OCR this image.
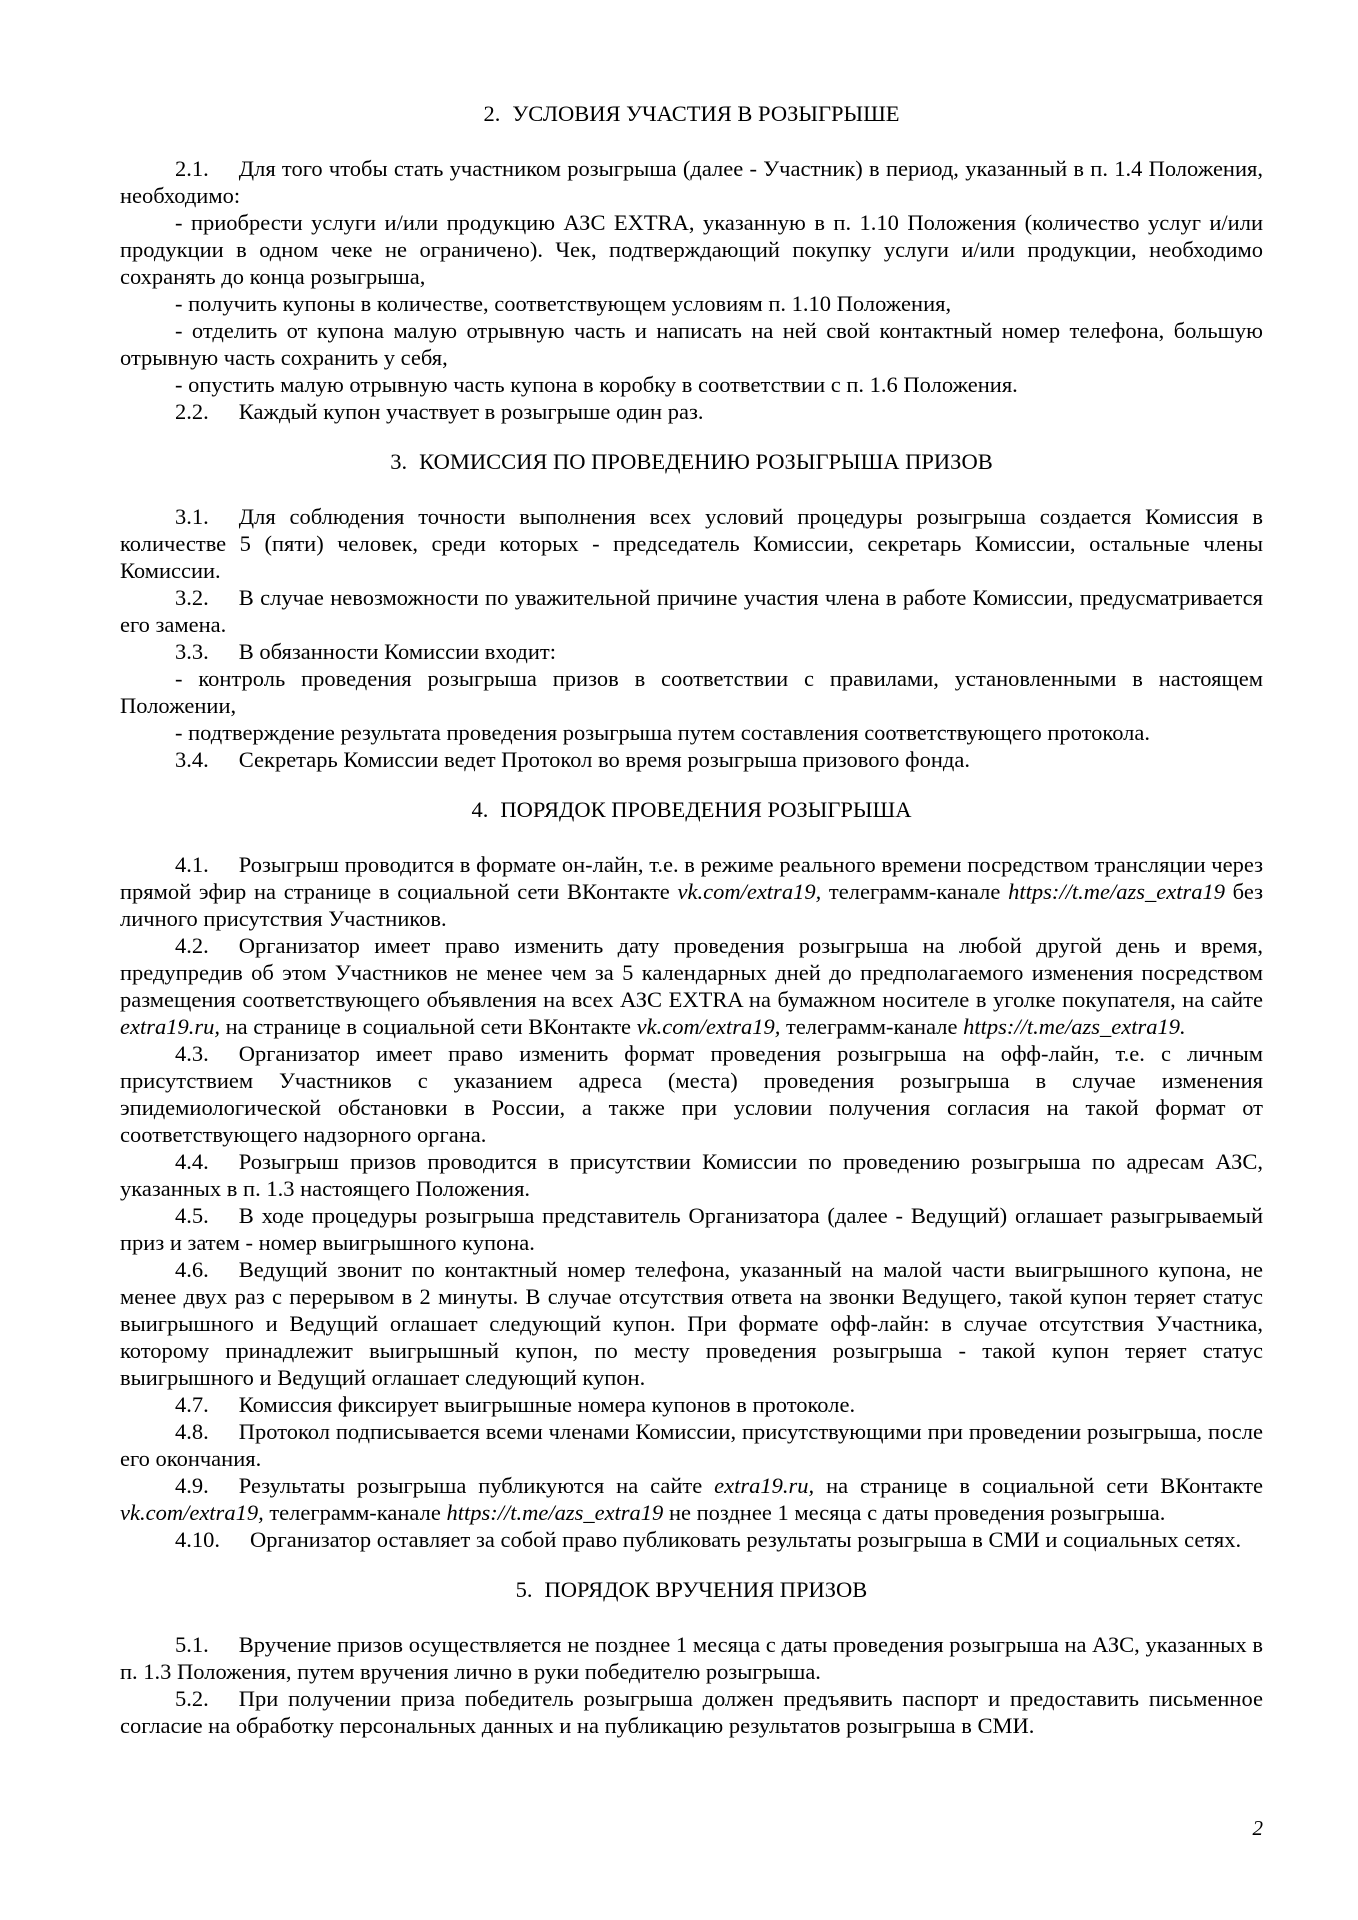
2. УСЛОВИЯ УЧАСТИЯ В РОЗЫГРЫШЕ

2.1. Для того чтобы стать участником розыгрыша (далее - Участник) в период, указанный в п. 1.4 Положения, необходимо:

- приобрести услуги и/или продукцию АЗС EXTRA, указанную в п. 1.10 Положения (количество услуг и/или продукции в одном чеке не ограничено). Чек, подтверждающий покупку услуги и/или продукции, необходимо сохранять до конца розыгрыша,

- получить купоны в количестве, соответствующем условиям п. 1.10 Положения,

- отделить от купона малую отрывную часть и написать на ней свой контактный номер телефона, большую отрывную часть сохранить у себя,

- опустить малую отрывную часть купона в коробку в соответствии с п. 1.6 Положения.

2.2. Каждый купон участвует в розыгрыше один раз.

3. КОМИССИЯ ПО ПРОВЕДЕНИЮ РОЗЫГРЫША ПРИЗОВ

3.1. Для соблюдения точности выполнения всех условий процедуры розыгрыша создается Комиссия в количестве 5 (пяти) человек, среди которых - председатель Комиссии, секретарь Комиссии, остальные члены Комиссии.

3.2. В случае невозможности по уважительной причине участия члена в работе Комиссии, предусматривается его замена.

3.3. В обязанности Комиссии входит:

- контроль проведения розыгрыша призов в соответствии с правилами, установленными в настоящем Положении,

- подтверждение результата проведения розыгрыша путем составления соответствующего протокола.

3.4. Секретарь Комиссии ведет Протокол во время розыгрыша призового фонда.

4. ПОРЯДОК ПРОВЕДЕНИЯ РОЗЫГРЫША

4.1. Розыгрыш проводится в формате он-лайн, т.е. в режиме реального времени посредством трансляции через прямой эфир на странице в социальной сети ВКонтакте vk.com/extra19, телеграмм-канале https://t.me/azs_extra19 без личного присутствия Участников.

4.2. Организатор имеет право изменить дату проведения розыгрыша на любой другой день и время, предупредив об этом Участников не менее чем за 5 календарных дней до предполагаемого изменения посредством размещения соответствующего объявления на всех АЗС EXTRA на бумажном носителе в уголке покупателя, на сайте extra19.ru, на странице в социальной сети ВКонтакте vk.com/extra19, телеграмм-канале https://t.me/azs_extra19.

4.3. Организатор имеет право изменить формат проведения розыгрыша на офф-лайн, т.е. с личным присутствием Участников с указанием адреса (места) проведения розыгрыша в случае изменения эпидемиологической обстановки в России, а также при условии получения согласия на такой формат от соответствующего надзорного органа.

4.4. Розыгрыш призов проводится в присутствии Комиссии по проведению розыгрыша по адресам АЗС, указанных в п. 1.3 настоящего Положения.

4.5. В ходе процедуры розыгрыша представитель Организатора (далее - Ведущий) оглашает разыгрываемый приз и затем - номер выигрышного купона.

4.6. Ведущий звонит по контактный номер телефона, указанный на малой части выигрышного купона, не менее двух раз с перерывом в 2 минуты. В случае отсутствия ответа на звонки Ведущего, такой купон теряет статус выигрышного и Ведущий оглашает следующий купон. При формате офф-лайн: в случае отсутствия Участника, которому принадлежит выигрышный купон, по месту проведения розыгрыша - такой купон теряет статус выигрышного и Ведущий оглашает следующий купон.

4.7. Комиссия фиксирует выигрышные номера купонов в протоколе.

4.8. Протокол подписывается всеми членами Комиссии, присутствующими при проведении розыгрыша, после его окончания.

4.9. Результаты розыгрыша публикуются на сайте extra19.ru, на странице в социальной сети ВКонтакте vk.com/extra19, телеграмм-канале https://t.me/azs_extra19 не позднее 1 месяца с даты проведения розыгрыша.

4.10. Организатор оставляет за собой право публиковать результаты розыгрыша в СМИ и социальных сетях.

5. ПОРЯДОК ВРУЧЕНИЯ ПРИЗОВ

5.1. Вручение призов осуществляется не позднее 1 месяца с даты проведения розыгрыша на АЗС, указанных в п. 1.3 Положения, путем вручения лично в руки победителю розыгрыша.

5.2. При получении приза победитель розыгрыша должен предъявить паспорт и предоставить письменное согласие на обработку персональных данных и на публикацию результатов розыгрыша в СМИ.

2
